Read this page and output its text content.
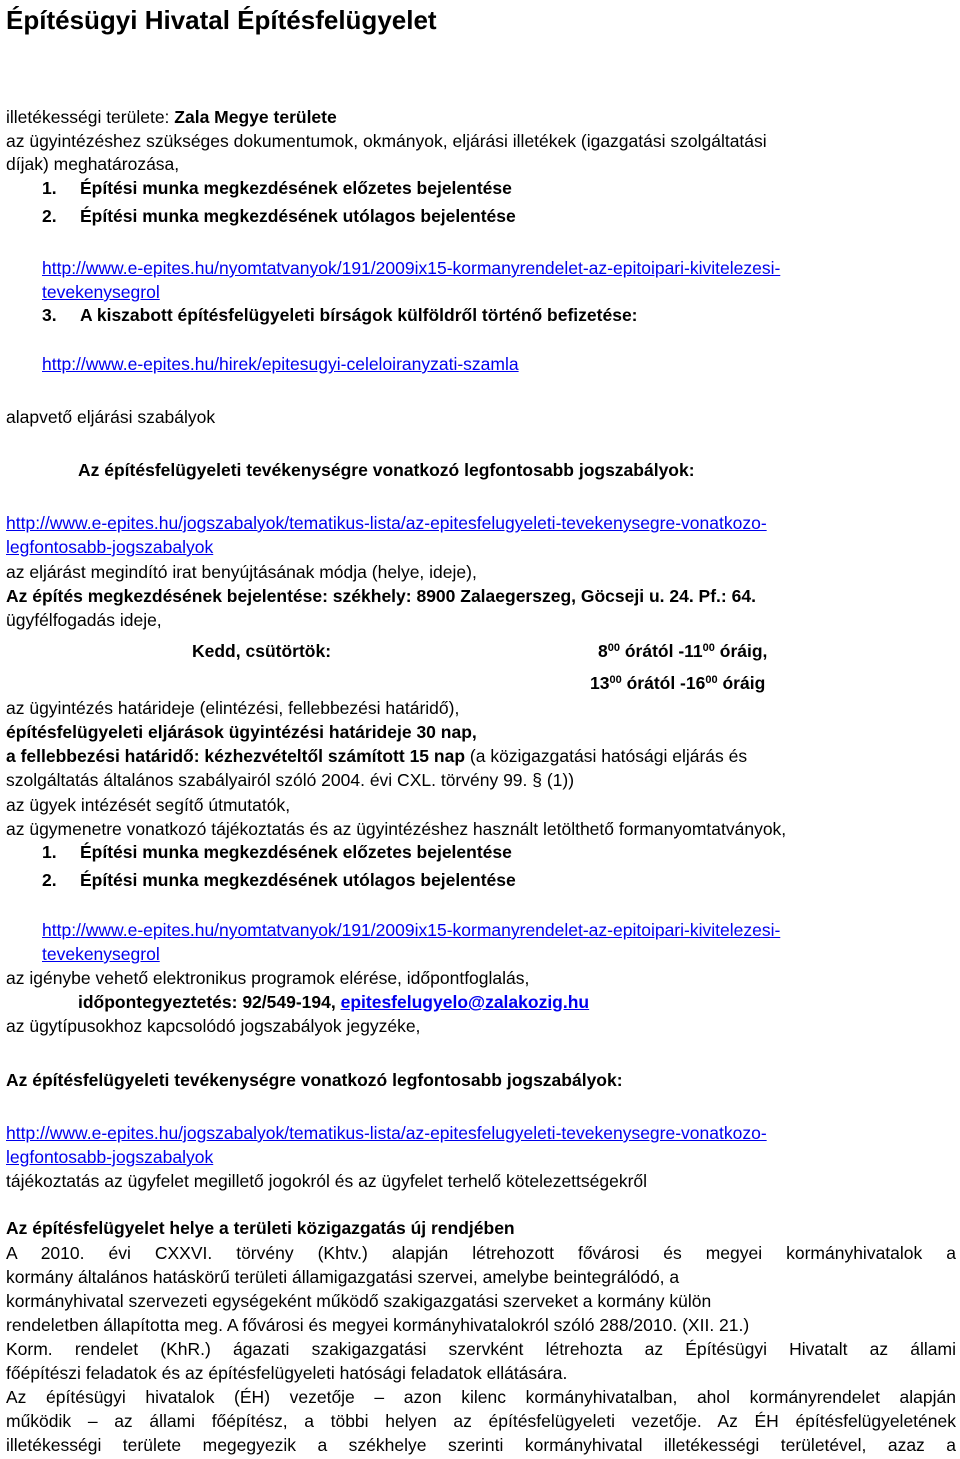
Építésügyi Hivatal Építésfelügyelet
illetékességi területe: Zala Megye területe
az ügyintézéshez szükséges dokumentumok, okmányok, eljárási illetékek (igazgatási szolgáltatási
díjak) meghatározása,
1. Építési munka megkezdésének előzetes bejelentése
2. Építési munka megkezdésének utólagos bejelentése
http://www.e-epites.hu/nyomtatvanyok/191/2009ix15-kormanyrendelet-az-epitoipari-kivitelezesi-
tevekenysegrol
3. A kiszabott építésfelügyeleti bírságok külföldről történő befizetése:
http://www.e-epites.hu/hirek/epitesugyi-celeloiranyzati-szamla
alapvető eljárási szabályok
Az építésfelügyeleti tevékenységre vonatkozó legfontosabb jogszabályok:
http://www.e-epites.hu/jogszabalyok/tematikus-lista/az-epitesfelugyeleti-tevekenysegre-vonatkozo-
legfontosabb-jogszabalyok
az eljárást megindító irat benyújtásának módja (helye, ideje),
Az építés megkezdésének bejelentése: székhely: 8900 Zalaegerszeg, Göcseji u. 24. Pf.: 64.
ügyfélfogadás ideje,
Kedd, csütörtök:	$8^{00}$ órától $-11^{00}$ óráig,
$13^{00}$ órától $-16^{00}$ óráig
az ügyintézés határideje (elintézési, fellebbezési határidő),
építésfelügyeleti eljárások ügyintézési határideje 30 nap,
a fellebbezési határidő: kézhezvételtől számított 15 nap (a közigazgatási hatósági eljárás és
szolgáltatás általános szabályairól szóló 2004. évi CXL. törvény 99. § (1))
az ügyek intézését segítő útmutatók,
az ügymenetre vonatkozó tájékoztatás és az ügyintézéshez használt letölthető formanyomtatványok,
1. Építési munka megkezdésének előzetes bejelentése
2. Építési munka megkezdésének utólagos bejelentése
http://www.e-epites.hu/nyomtatvanyok/191/2009ix15-kormanyrendelet-az-epitoipari-kivitelezesi-
tevekenysegrol
az igénybe vehető elektronikus programok elérése, időpontfoglalás,
időpontegyeztetés: 92/549-194, epitesfelugyelo@zalakozig.hu
az ügytípusokhoz kapcsolódó jogszabályok jegyzéke,
Az építésfelügyeleti tevékenységre vonatkozó legfontosabb jogszabályok:
http://www.e-epites.hu/jogszabalyok/tematikus-lista/az-epitesfelugyeleti-tevekenysegre-vonatkozo-
legfontosabb-jogszabalyok
tájékoztatás az ügyfelet megillető jogokról és az ügyfelet terhelő kötelezettségekről
Az építésfelügyelet helye a területi közigazgatás új rendjében
A 2010. évi CXXVI. törvény (Khtv.) alapján létrehozott fővárosi és megyei kormányhivatalok a
kormány általános hatáskörű területi államigazgatási szervei, amelybe beintegrálódó, a
kormányhivatal szervezeti egységeként működő szakigazgatási szerveket a kormány külön
rendeletben állapította meg. A fővárosi és megyei kormányhivatalokról szóló 288/2010. (XII. 21.)
Korm. rendelet (KhR.) ágazati szakigazgatási szervként létrehozta az Építésügyi Hivatalt az állami
főépítészi feladatok és az építésfelügyeleti hatósági feladatok ellátására.
Az építésügyi hivatalok (ÉH) vezetője – azon kilenc kormányhivatalban, ahol kormányrendelet alapján
működik – az állami főépítész, a többi helyen az építésfelügyeleti vezetője. Az ÉH építésfelügyeletének
illetékességi területe megegyezik a székhelye szerinti kormányhivatal illetékességi területével, azaz a
